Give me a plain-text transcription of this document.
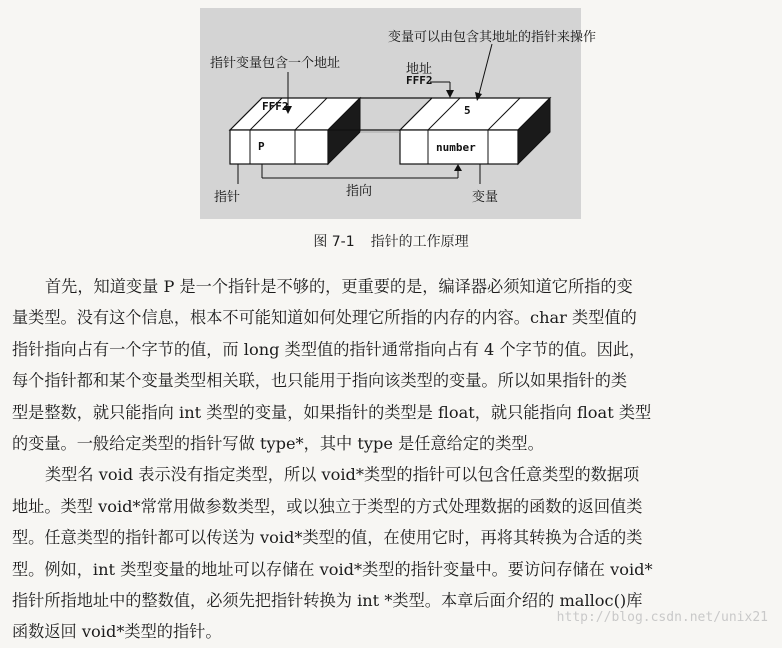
变量可以由包含其地址的指针来操作
指针变量包含一个地址	地址
FFF2
FFF2	5
P	number
指针	指向	变量
图 7-1 指针的工作原理
首先，知道变量 P 是一个指针是不够的，更重要的是，编译器必须知道它所指的变
量类型。没有这个信息，根本不可能知道如何处理它所指的内存的内容。char 类型值的
指针指向占有一个字节的值，而 long 类型值的指针通常指向占有 4 个字节的值。因此，
每个指针都和某个变量类型相关联，也只能用于指向该类型的变量。所以如果指针的类
型是整数，就只能指向 int 类型的变量，如果指针的类型是 float，就只能指向 float 类型
的变量。一般给定类型的指针写做 type*，其中 type 是任意给定的类型。
类型名 void 表示没有指定类型，所以 void*类型的指针可以包含任意类型的数据项
地址。类型 void*常常用做参数类型，或以独立于类型的方式处理数据的函数的返回值类
型。任意类型的指针都可以传送为 void*类型的值，在使用它时，再将其转换为合适的类
型。例如，int 类型变量的地址可以存储在 void*类型的指针变量中。要访问存储在 void*
指针所指地址中的整数值，必须先把指针转换为 int *类型。本章后面介绍的 malloc()库
函数返回 void*类型的指针。
http://blog.csdn.net/unix21
